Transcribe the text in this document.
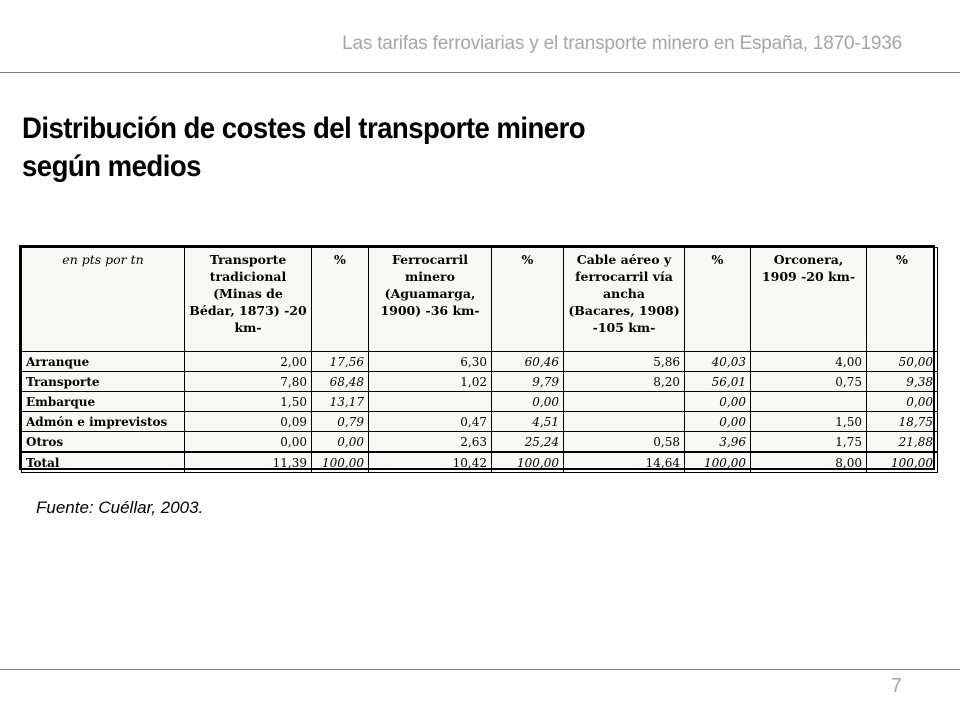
Las tarifas ferroviarias y el transporte minero en España, 1870-1936
Distribución de costes del transporte minero
según medios
en pts por tn	Transporte tradicional (Minas de Bédar, 1873) -20 km-	%	Ferrocarril minero (Aguamarga, 1900) -36 km-	%	Cable aéreo y ferrocarril vía ancha (Bacares, 1908) -105 km-	%	Orconera, 1909 -20 km-	%
Arranque	2,00	17,56	6,30	60,46	5,86	40,03	4,00	50,00
Transporte	7,80	68,48	1,02	9,79	8,20	56,01	0,75	9,38
Embarque	1,50	13,17		0,00		0,00		0,00
Admón e imprevistos	0,09	0,79	0,47	4,51		0,00	1,50	18,75
Otros	0,00	0,00	2,63	25,24	0,58	3,96	1,75	21,88
Total	11,39	100,00	10,42	100,00	14,64	100,00	8,00	100,00
Fuente: Cuéllar, 2003.
7
